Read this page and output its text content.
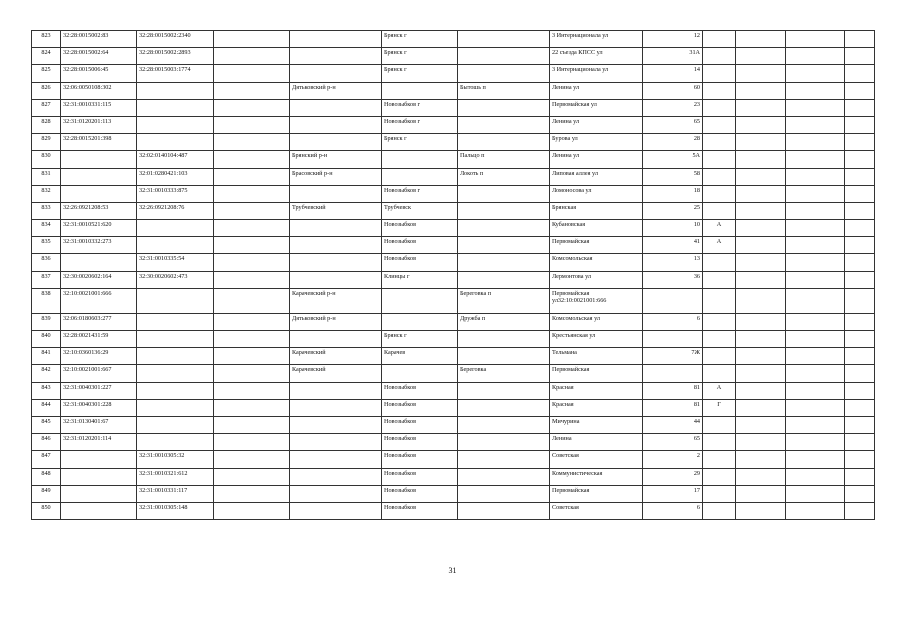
823	32:28:0015002:83	32:28:0015002:2340			Брянск г		3 Интернационала ул	12				
824	32:28:0015002:64	32:28:0015002:2893			Брянск г		22 съезда КПСС ул	31А				
825	32:28:0015006:45	32:28:0015003:1774			Брянск г		3 Интернационала ул	14				
826	32:06:0050108:302			Дятьковский р-н		Бытошь п	Ленина ул	60				
827	32:31:0010331:115				Новозыбков г		Первомайская ул	23				
828	32:31:0120201:113				Новозыбков г		Ленина ул	65				
829	32:28:0015201:398				Брянск г		Бурова ул	28				
830		32:02:0140104:487		Брянский р-н		Пальцо п	Ленина ул	5А				
831		32:01:0280421:103		Брасовский р-н		Локоть п	Липовая аллея ул	58				
832		32:31:0010333:875			Новозыбков г		Ломоносова ул	18				
833	32:26:0921208:53	32:26:0921208:76		Трубчевский	Трубчевск		Брянская	25				
834	32:31:0010521:620				Новозыбков		Кубановская	10	А			
835	32:31:0010332:273				Новозыбков		Первомайская	41	А			
836		32:31:0010335:54			Новозыбков		Комсомольская	13				
837	32:30:0020602:164	32:30:0020602:473			Клинцы г		Лермонтова ул	36				
838	32:10:0021001:666			Карачевский р-н		Береговка п	Первомайская ул32:10:0021001:666					
839	32:06:0180603:277			Дятьковский р-н		Дружба п	Комсомольская ул	6				
840	32:28:0021431:59				Брянск г		Крестьянская ул					
841	32:10:0360136:29			Карачевский	Карачев		Тельмана	7Ж				
842	32:10:0021001:667			Карачевский		Береговка	Первомайская					
843	32:31:0040301:227				Новозыбков		Красная	81	А			
844	32:31:0040301:228				Новозыбков		Красная	81	Г			
845	32:31:0130401:67				Новозыбков		Мичурина	44				
846	32:31:0120201:114				Новозыбков		Ленина	65				
847		32:31:0010305:32			Новозыбков		Советская	2				
848		32:31:0010321:612			Новозыбков		Коммунистическая	29				
849		32:31:0010331:117			Новозыбков		Первомайская	17				
850		32:31:0010305:148			Новозыбков		Советская	6				
31
